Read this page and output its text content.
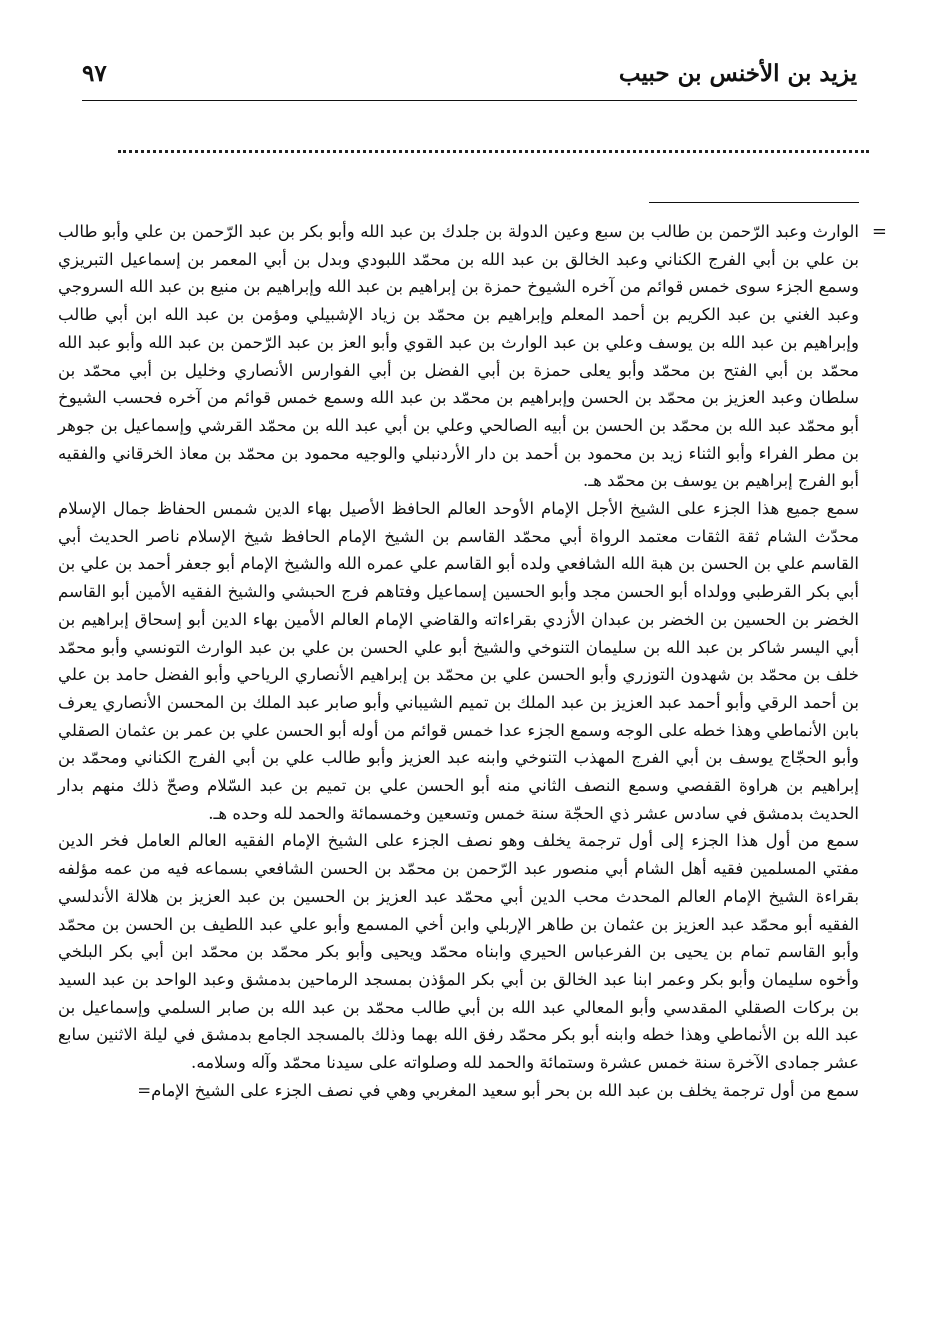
يزيد بن الأخنس بن حبيب
٩٧
=

الوارث وعبد الرّحمن بن طالب بن سبع وعين الدولة بن جلدك بن عبد الله وأبو بكر بن عبد الرّحمن بن علي وأبو طالب بن علي بن أبي الفرج الكناني وعبد الخالق بن عبد الله بن محمّد اللبودي وبدل بن أبي المعمر بن إسماعيل التبريزي وسمع الجزء سوى خمس قوائم من آخره الشيوخ حمزة بن إبراهيم بن عبد الله وإبراهيم بن منيع بن عبد الله السروجي وعبد الغني بن عبد الكريم بن أحمد المعلم وإبراهيم بن محمّد بن زياد الإشبيلي ومؤمن بن عبد الله ابن أبي طالب وإبراهيم بن عبد الله بن يوسف وعلي بن عبد الوارث بن عبد القوي وأبو العز بن عبد الرّحمن بن عبد الله وأبو عبد الله محمّد بن أبي الفتح بن محمّد وأبو يعلى حمزة بن أبي الفضل بن أبي الفوارس الأنصاري وخليل بن أبي محمّد بن سلطان وعبد العزيز بن محمّد بن الحسن وإبراهيم بن محمّد بن عبد الله وسمع خمس قوائم من آخره فحسب الشيوخ أبو محمّد عبد الله بن محمّد بن الحسن بن أبيه الصالحي وعلي بن أبي عبد الله بن محمّد القرشي وإسماعيل بن جوهر بن مطر الفراء وأبو الثناء زيد بن محمود بن أحمد بن دار الأردنبلي والوجيه محمود بن محمّد بن معاذ الخرقاني والفقيه أبو الفرج إبراهيم بن يوسف بن محمّد هـ.

سمع جميع هذا الجزء على الشيخ الأجل الإمام الأوحد العالم الحافظ الأصيل بهاء الدين شمس الحفاظ جمال الإسلام محدّث الشام ثقة الثقات معتمد الرواة أبي محمّد القاسم بن الشيخ الإمام الحافظ شيخ الإسلام ناصر الحديث أبي القاسم علي بن الحسن بن هبة الله الشافعي ولده أبو القاسم علي عمره الله والشيخ الإمام أبو جعفر أحمد بن علي بن أبي بكر القرطبي وولداه أبو الحسن مجد وأبو الحسين إسماعيل وفتاهم فرج الحبشي والشيخ الفقيه الأمين أبو القاسم الخضر بن الحسين بن الخضر بن عبدان الأزدي بقراءاته والقاضي الإمام العالم الأمين بهاء الدين أبو إسحاق إبراهيم بن أبي اليسر شاكر بن عبد الله بن سليمان التنوخي والشيخ أبو علي الحسن بن علي بن عبد الوارث التونسي وأبو محمّد خلف بن محمّد بن شهدون التوزري وأبو الحسن علي بن محمّد بن إبراهيم الأنصاري الرياحي وأبو الفضل حامد بن علي بن أحمد الرقي وأبو أحمد عبد العزيز بن عبد الملك بن تميم الشيباني وأبو صابر عبد الملك بن المحسن الأنصاري يعرف بابن الأنماطي وهذا خطه على الوجه وسمع الجزء عدا خمس قوائم من أوله أبو الحسن علي بن عمر بن عثمان الصقلي وأبو الحجّاج يوسف بن أبي الفرج المهذب التنوخي وابنه عبد العزيز وأبو طالب علي بن أبي الفرج الكناني ومحمّد بن إبراهيم بن هراوة القفصي وسمع النصف الثاني منه أبو الحسن علي بن تميم بن عبد السّلام وصحّ ذلك منهم بدار الحديث بدمشق في سادس عشر ذي الحجّة سنة خمس وتسعين وخمسمائة والحمد لله وحده هـ.

سمع من أول هذا الجزء إلى أول ترجمة يخلف وهو نصف الجزء على الشيخ الإمام الفقيه العالم العامل فخر الدين مفتي المسلمين فقيه أهل الشام أبي منصور عبد الرّحمن بن محمّد بن الحسن الشافعي بسماعه فيه من عمه مؤلفه بقراءة الشيخ الإمام العالم المحدث محب الدين أبي محمّد عبد العزيز بن الحسين بن عبد العزيز بن هلالة الأندلسي الفقيه أبو محمّد عبد العزيز بن عثمان بن طاهر الإربلي وابن أخي المسمع وأبو علي عبد اللطيف بن الحسن بن محمّد وأبو القاسم تمام بن يحيى بن الفرعباس الحيري وابناه محمّد ويحيى وأبو بكر محمّد بن محمّد ابن أبي بكر البلخي وأخوه سليمان وأبو بكر وعمر ابنا عبد الخالق بن أبي بكر المؤذن بمسجد الرماحين بدمشق وعبد الواحد بن عبد السيد بن بركات الصقلي المقدسي وأبو المعالي عبد الله بن أبي طالب محمّد بن عبد الله بن صابر السلمي وإسماعيل بن عبد الله بن الأنماطي وهذا خطه وابنه أبو بكر محمّد رفق الله بهما وذلك بالمسجد الجامع بدمشق في ليلة الاثنين سابع عشر جمادى الآخرة سنة خمس عشرة وستمائة والحمد لله وصلواته على سيدنا محمّد وآله وسلامه.

سمع من أول ترجمة يخلف بن عبد الله بن بحر أبو سعيد المغربي وهي في نصف الجزء على الشيخ الإمام=
